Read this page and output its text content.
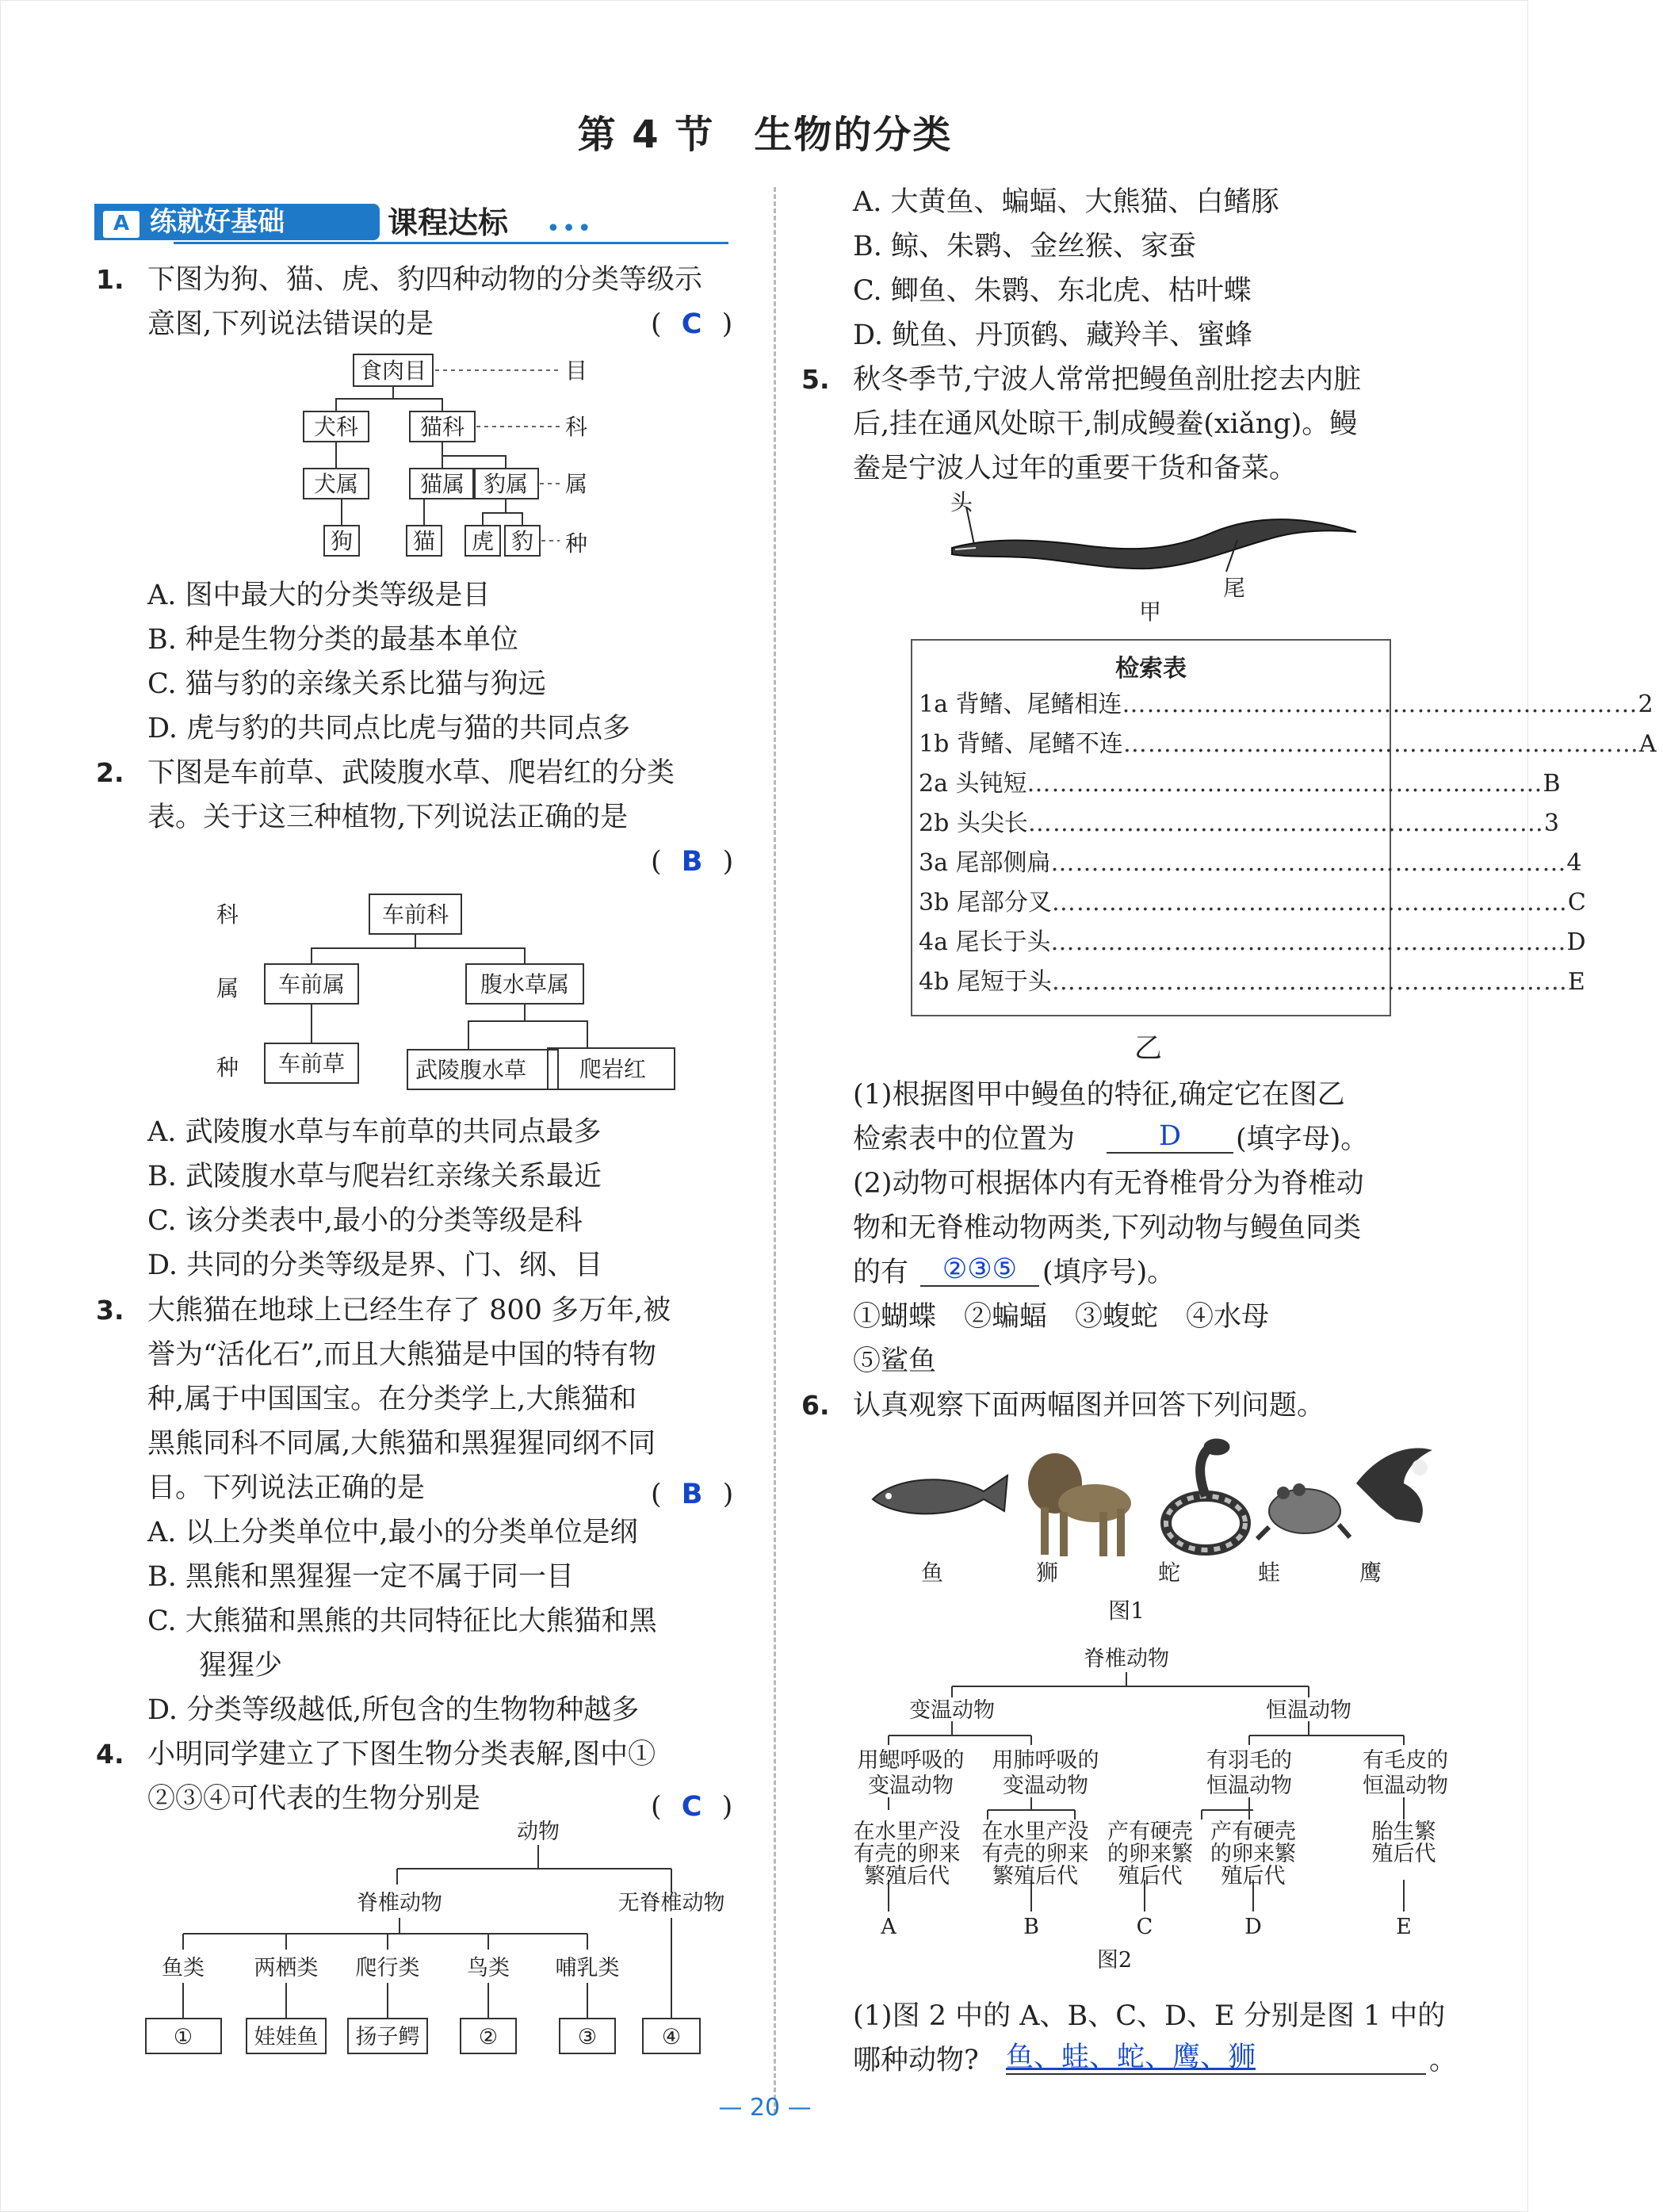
第 4 节　生物的分类
练就好基础
A	课程达标 •••
1. 下图为狗、猫、虎、豹四种动物的分类等级示
意图,下列说法错误的是	( C )
食肉目
犬科	猫科
犬属	猫属 豹属
狗	猫 虎 豹
目
科
属
种
A. 图中最大的分类等级是目
B. 种是生物分类的最基本单位
C. 猫与豹的亲缘关系比猫与狗远
D. 虎与豹的共同点比虎与猫的共同点多
2. 下图是车前草、武陵腹水草、爬岩红的分类
表。关于这三种植物,下列说法正确的是
( B )
科
属
种
车前科
车前属	腹水草属
车前草	武陵腹水草 爬岩红
A. 武陵腹水草与车前草的共同点最多
B. 武陵腹水草与爬岩红亲缘关系最近
C. 该分类表中,最小的分类等级是科
D. 共同的分类等级是界、门、纲、目
3. 大熊猫在地球上已经生存了 800 多万年,被
誉为“活化石”,而且大熊猫是中国的特有物
种,属于中国国宝。在分类学上,大熊猫和
黑熊同科不同属,大熊猫和黑猩猩同纲不同
目。下列说法正确的是	( B )
A. 以上分类单位中,最小的分类单位是纲
B. 黑熊和黑猩猩一定不属于同一目
C. 大熊猫和黑熊的共同特征比大熊猫和黑
猩猩少
D. 分类等级越低,所包含的生物物种越多
4. 小明同学建立了下图生物分类表解,图中①
②③④可代表的生物分别是	( C )
动物
脊椎动物	无脊椎动物
鱼类 两栖类 爬行类 鸟类 哺乳类
①	娃娃鱼 扬子鳄	②	③	④
A. 大黄鱼、蝙蝠、大熊猫、白鳍豚
B. 鲸、朱鹮、金丝猴、家蚕
C. 鲫鱼、朱鹮、东北虎、枯叶蝶
D. 鱿鱼、丹顶鹤、藏羚羊、蜜蜂
5. 秋冬季节,宁波人常常把鳗鱼剖肚挖去内脏
后,挂在通风处晾干,制成鳗鲞(xiǎng)。鳗
鲞是宁波人过年的重要干货和备菜。
头
尾
甲
检索表
1a 背鳍、尾鳍相连 ……………………………………………………… 2
1b 背鳍、尾鳍不连 ……………………………………………………… A
2a 头钝短 ……………………………………………………… B
2b 头尖长 ……………………………………………………… 3
3a 尾部侧扁 ……………………………………………………… 4
3b 尾部分叉 ……………………………………………………… C
4a 尾长于头 ……………………………………………………… D
4b 尾短于头 ……………………………………………………… E
乙
(1)根据图甲中鳗鱼的特征,确定它在图乙
检索表中的位置为	D	(填字母)。
(2)动物可根据体内有无脊椎骨分为脊椎动
物和无脊椎动物两类,下列动物与鳗鱼同类
的有	②③⑤ (填序号)。
①蝴蝶　②蝙蝠　③蝮蛇　④水母
⑤鲨鱼
6. 认真观察下面两幅图并回答下列问题。
鱼	狮	蛇	蛙	鹰
图1
脊椎动物
变温动物	恒温动物
用鳃呼吸的
变温动物
用肺呼吸的
变温动物
有羽毛的
恒温动物
有毛皮的
恒温动物
在水里产没
有壳的卵来
繁殖后代
在水里产没
有壳的卵来
繁殖后代
产有硬壳
的卵来繁
殖后代
产有硬壳
的卵来繁
殖后代
胎生繁
殖后代
A	B	C	D	E
图2
(1)图 2 中的 A、B、C、D、E 分别是图 1 中的
哪种动物? 鱼、蛙、蛇、鹰、狮	。
— 20 —
